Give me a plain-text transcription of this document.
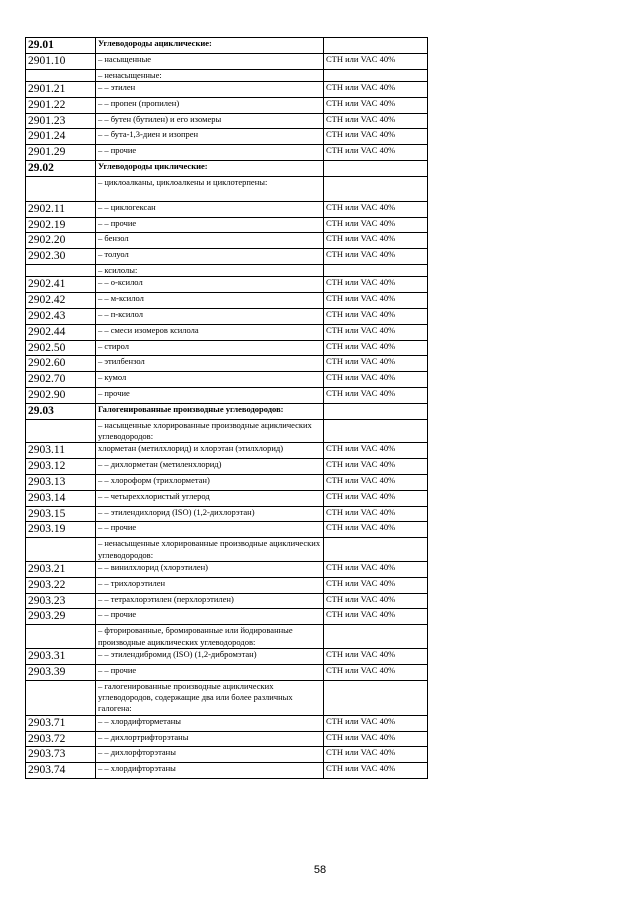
29.01	Углеводороды ациклические:	
2901.10	– насыщенные	СТН или VAC 40%
	– ненасыщенные:	
2901.21	– – этилен	СТН или VAC 40%
2901.22	– – пропен (пропилен)	СТН или VAC 40%
2901.23	– – бутен (бутилен) и его изомеры	СТН или VAC 40%
2901.24	– – бута-1,3-диен и изопрен	СТН или VAC 40%
2901.29	– – прочие	СТН или VAC 40%
29.02	Углеводороды циклические:	
	– циклоалканы, циклоалкены и циклотерпены:	
2902.11	– – циклогексан	СТН или VAC 40%
2902.19	– – прочие	СТН или VAC 40%
2902.20	– бензол	СТН или VAC 40%
2902.30	– толуол	СТН или VAC 40%
	– ксилолы:	
2902.41	– – о-ксилол	СТН или VAC 40%
2902.42	– – м-ксилол	СТН или VAC 40%
2902.43	– – п-ксилол	СТН или VAC 40%
2902.44	– – смеси изомеров ксилола	СТН или VAC 40%
2902.50	– стирол	СТН или VAC 40%
2902.60	– этилбензол	СТН или VAC 40%
2902.70	– кумол	СТН или VAC 40%
2902.90	– прочие	СТН или VAC 40%
29.03	Галогенированные производные углеводородов:	
	– насыщенные хлорированные производные ациклических углеводородов:	
2903.11	хлорметан (метилхлорид) и хлорэтан (этилхлорид)	СТН или VAC 40%
2903.12	– – дихлорметан (метиленхлорид)	СТН или VAC 40%
2903.13	– – хлороформ (трихлорметан)	СТН или VAC 40%
2903.14	– – четыреххлористый углерод	СТН или VAC 40%
2903.15	– – этилендихлорид (ISO) (1,2-дихлорэтан)	СТН или VAC 40%
2903.19	– – прочие	СТН или VAC 40%
	– ненасыщенные хлорированные производные ациклических углеводородов:	
2903.21	– – винилхлорид (хлорэтилен)	СТН или VAC 40%
2903.22	– – трихлорэтилен	СТН или VAC 40%
2903.23	– – тетрахлорэтилен (перхлорэтилен)	СТН или VAC 40%
2903.29	– – прочие	СТН или VAC 40%
	– фторированные, бромированные или йодированные производные ациклических углеводородов:	
2903.31	– – этилендибромид (ISO) (1,2-дибромэтан)	СТН или VAC 40%
2903.39	– – прочие	СТН или VAC 40%
	– галогенированные производные ациклических углеводородов, содержащие два или более различных галогена:	
2903.71	– – хлордифторметаны	СТН или VAC 40%
2903.72	– – дихлортрифторэтаны	СТН или VAC 40%
2903.73	– – дихлорфторэтаны	СТН или VAC 40%
2903.74	– – хлордифторэтаны	СТН или VAC 40%
58
